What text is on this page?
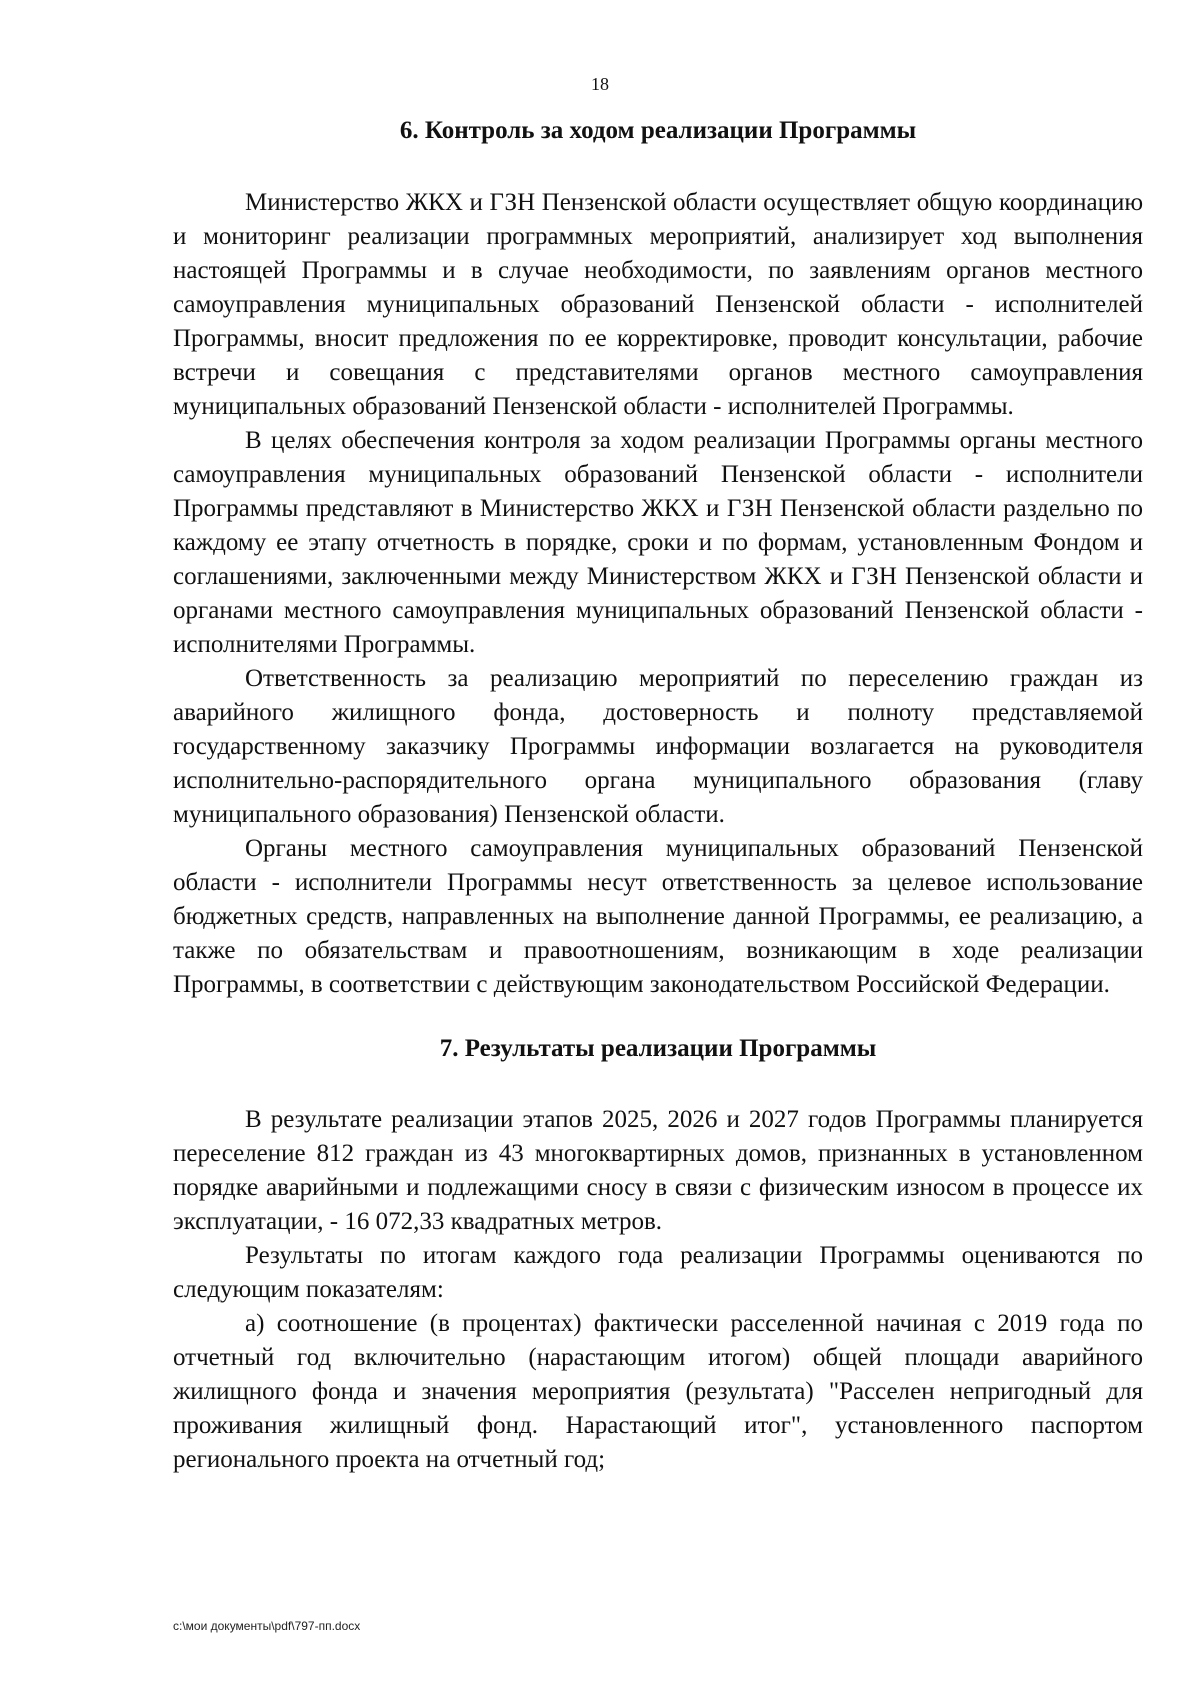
18
6. Контроль за ходом реализации Программы

Министерство ЖКХ и ГЗН Пензенской области осуществляет общую координацию и мониторинг реализации программных мероприятий, анализирует ход выполнения настоящей Программы и в случае необходимости, по заявлениям органов местного самоуправления муниципальных образований Пензенской области - исполнителей Программы, вносит предложения по ее корректировке, проводит консультации, рабочие встречи и совещания с представителями органов местного самоуправления муниципальных образований Пензенской области - исполнителей Программы.

В целях обеспечения контроля за ходом реализации Программы органы местного самоуправления муниципальных образований Пензенской области - исполнители Программы представляют в Министерство ЖКХ и ГЗН Пензенской области раздельно по каждому ее этапу отчетность в порядке, сроки и по формам, установленным Фондом и соглашениями, заключенными между Министерством ЖКХ и ГЗН Пензенской области и органами местного самоуправления муниципальных образований Пензенской области - исполнителями Программы.

Ответственность за реализацию мероприятий по переселению граждан из аварийного жилищного фонда, достоверность и полноту представляемой государственному заказчику Программы информации возлагается на руководителя исполнительно-распорядительного органа муниципального образования (главу муниципального образования) Пензенской области.

Органы местного самоуправления муниципальных образований Пензенской области - исполнители Программы несут ответственность за целевое использование бюджетных средств, направленных на выполнение данной Программы, ее реализацию, а также по обязательствам и правоотношениям, возникающим в ходе реализации Программы, в соответствии с действующим законодательством Российской Федерации.

7. Результаты реализации Программы

В результате реализации этапов 2025, 2026 и 2027 годов Программы планируется переселение 812 граждан из 43 многоквартирных домов, признанных в установленном порядке аварийными и подлежащими сносу в связи с физическим износом в процессе их эксплуатации, - 16 072,33 квадратных метров.

Результаты по итогам каждого года реализации Программы оцениваются по следующим показателям:

а) соотношение (в процентах) фактически расселенной начиная с 2019 года по отчетный год включительно (нарастающим итогом) общей площади аварийного жилищного фонда и значения мероприятия (результата) "Расселен непригодный для проживания жилищный фонд. Нарастающий итог", установленного паспортом регионального проекта на отчетный год;

c:\мои документы\pdf\797-пп.docx
